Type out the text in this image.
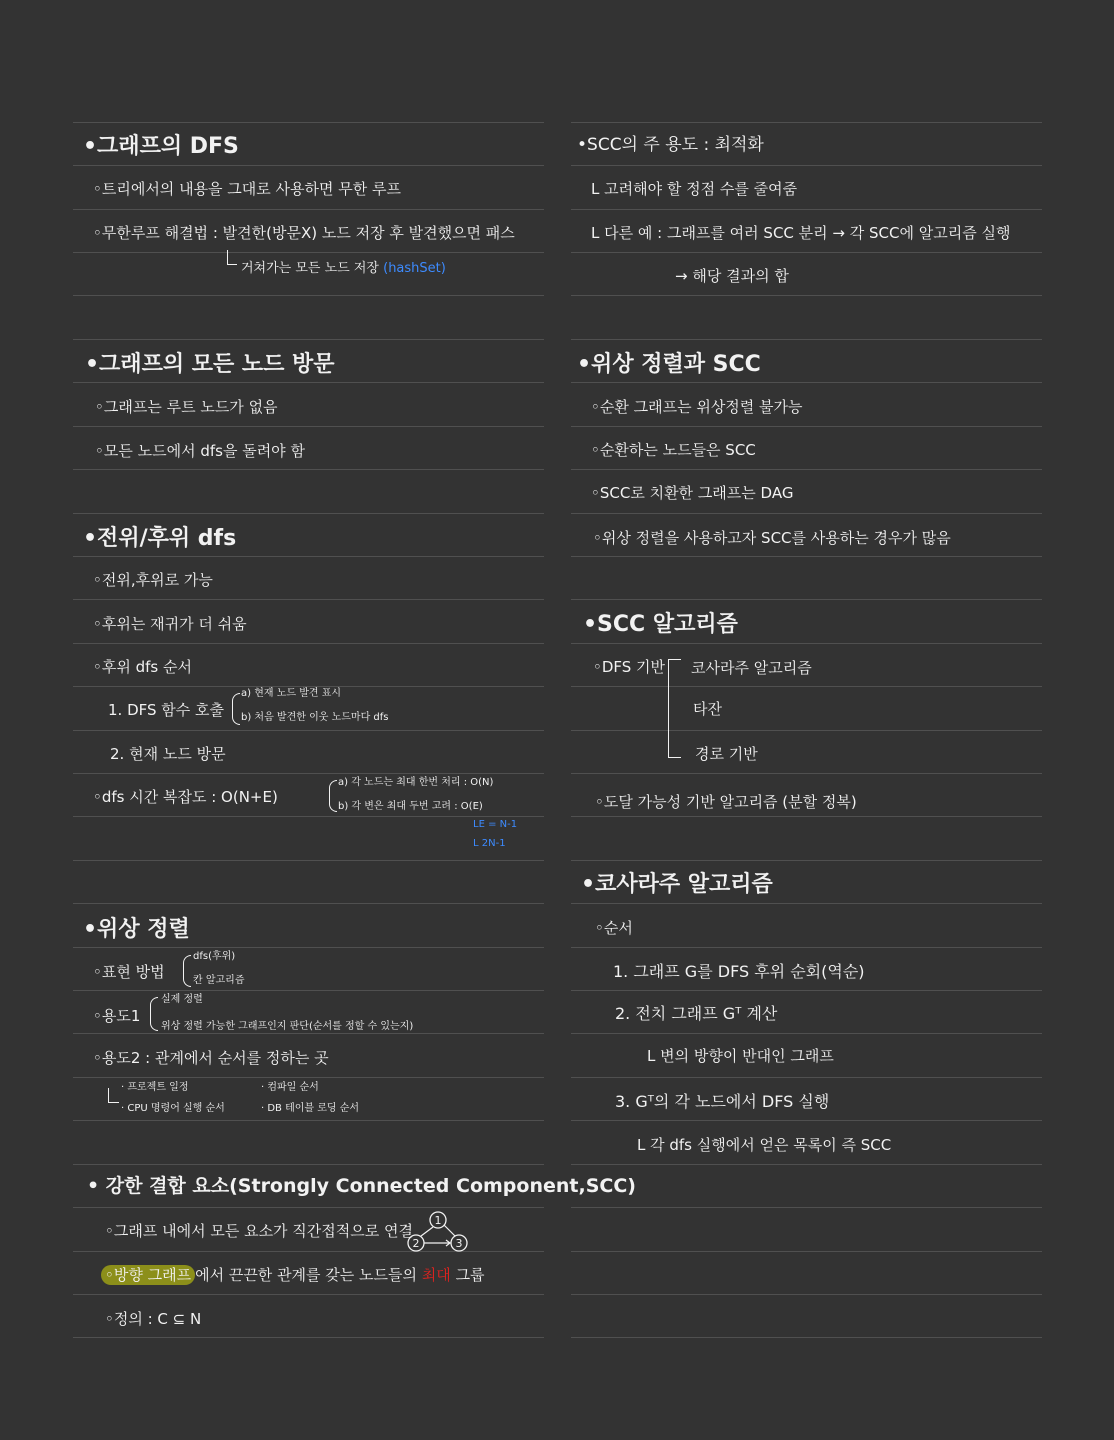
•그래프의 DFS
◦트리에서의 내용을 그대로 사용하면 무한 루프
◦무한루프 해결법 : 발견한(방문X) 노드 저장 후 발견했으면 패스
거쳐가는 모든 노드 저장 (hashSet)
•그래프의 모든 노드 방문
◦그래프는 루트 노드가 없음
◦모든 노드에서 dfs을 돌려야 함
•전위/후위 dfs
◦전위,후위로 가능
◦후위는 재귀가 더 쉬움
◦후위 dfs 순서
1. DFS 함수 호출
a) 현재 노드 발견 표시
b) 처음 발견한 이웃 노드마다 dfs
2. 현재 노드 방문
◦dfs 시간 복잡도 : O(N+E)
a) 각 노드는 최대 한번 처리 : O(N)
b) 각 변은 최대 두번 고려 : O(E)
LE = N-1
L 2N-1
•위상 정렬
◦표현 방법
dfs(후위)
칸 알고리즘
◦용도1
실제 정렬
위상 정렬 가능한 그래프인지 판단(순서를 정할 수 있는지)
◦용도2 : 관계에서 순서를 정하는 곳
· 프로젝트 일정
· CPU 명령어 실행 순서
· 컴파일 순서
· DB 테이블 로딩 순서
• 강한 결합 요소(Strongly Connected Component,SCC)
◦그래프 내에서 모든 요소가 직간접적으로 연결
1
2	3
◦방향 그래프 에서 끈끈한 관계를 갖는 노드들의 최대 그룹
◦정의 : C ⊆ N
•SCC의 주 용도 : 최적화
L 고려해야 할 정점 수를 줄여줌
L 다른 예 : 그래프를 여러 SCC 분리 → 각 SCC에 알고리즘 실행
→ 해당 결과의 합
•위상 정렬과 SCC
◦순환 그래프는 위상정렬 불가능
◦순환하는 노드들은 SCC
◦SCC로 치환한 그래프는 DAG
◦위상 정렬을 사용하고자 SCC를 사용하는 경우가 많음
•SCC 알고리즘
◦DFS 기반 코사라주 알고리즘
타잔
경로 기반
◦도달 가능성 기반 알고리즘 (분할 정복)
•코사라주 알고리즘
◦순서
1. 그래프 G를 DFS 후위 순회(역순)
2. 전치 그래프 Gᵀ 계산
L 변의 방향이 반대인 그래프
3. Gᵀ의 각 노드에서 DFS 실행
L 각 dfs 실행에서 얻은 목록이 즉 SCC
